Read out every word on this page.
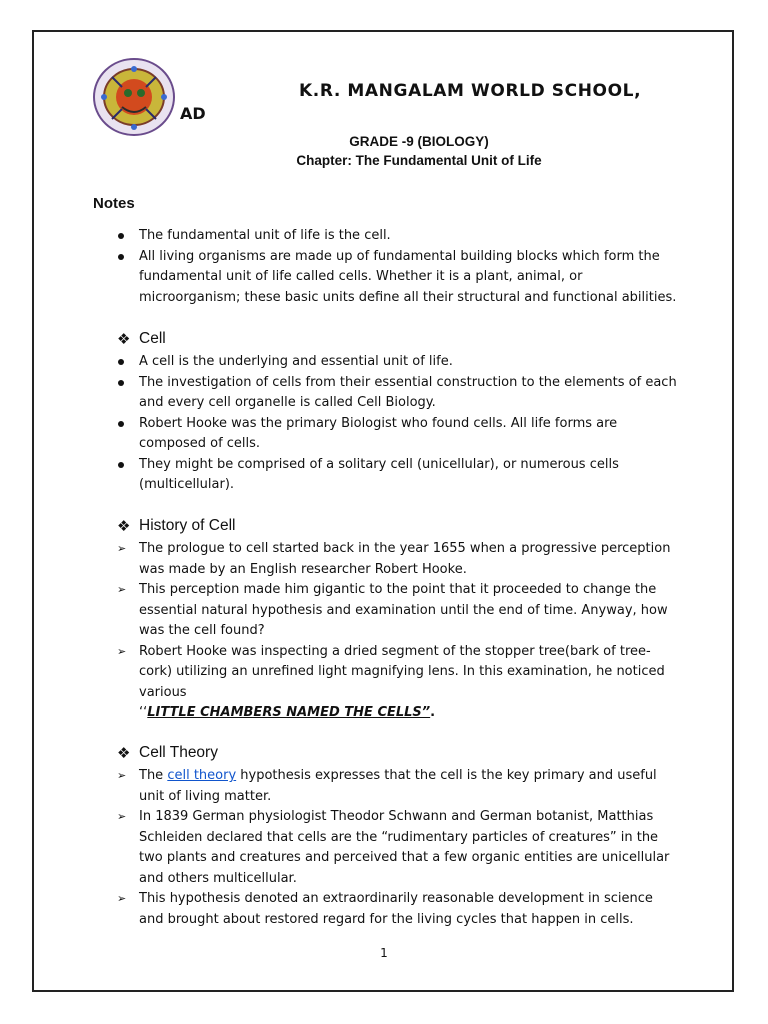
K.R. MANGALAM WORLD SCHOOL,
AD
GRADE -9 (BIOLOGY)
Chapter: The Fundamental Unit of Life
Notes
The fundamental unit of life is the cell.
All living organisms are made up of fundamental building blocks which form the fundamental unit of life called cells. Whether it is a plant, animal, or microorganism; these basic units define all their structural and functional abilities.
❖ Cell
A cell is the underlying and essential unit of life.
The investigation of cells from their essential construction to the elements of each and every cell organelle is called Cell Biology.
Robert Hooke was the primary Biologist who found cells. All life forms are composed of cells.
They might be comprised of a solitary cell (unicellular), or numerous cells (multicellular).
❖ History of Cell
➢ The prologue to cell started back in the year 1655 when a progressive perception was made by an English researcher Robert Hooke.
➢ This perception made him gigantic to the point that it proceeded to change the essential natural hypothesis and examination until the end of time. Anyway, how was the cell found?
➢ Robert Hooke was inspecting a dried segment of the stopper tree(bark of tree-cork) utilizing an unrefined light magnifying lens. In this examination, he noticed various
‘‘LITTLE CHAMBERS NAMED THE CELLS”.
❖ Cell Theory
➢ The cell theory hypothesis expresses that the cell is the key primary and useful unit of living matter.
➢ In 1839 German physiologist Theodor Schwann and German botanist, Matthias Schleiden declared that cells are the “rudimentary particles of creatures” in the two plants and creatures and perceived that a few organic entities are unicellular and others multicellular.
➢ This hypothesis denoted an extraordinarily reasonable development in science and brought about restored regard for the living cycles that happen in cells.
1
